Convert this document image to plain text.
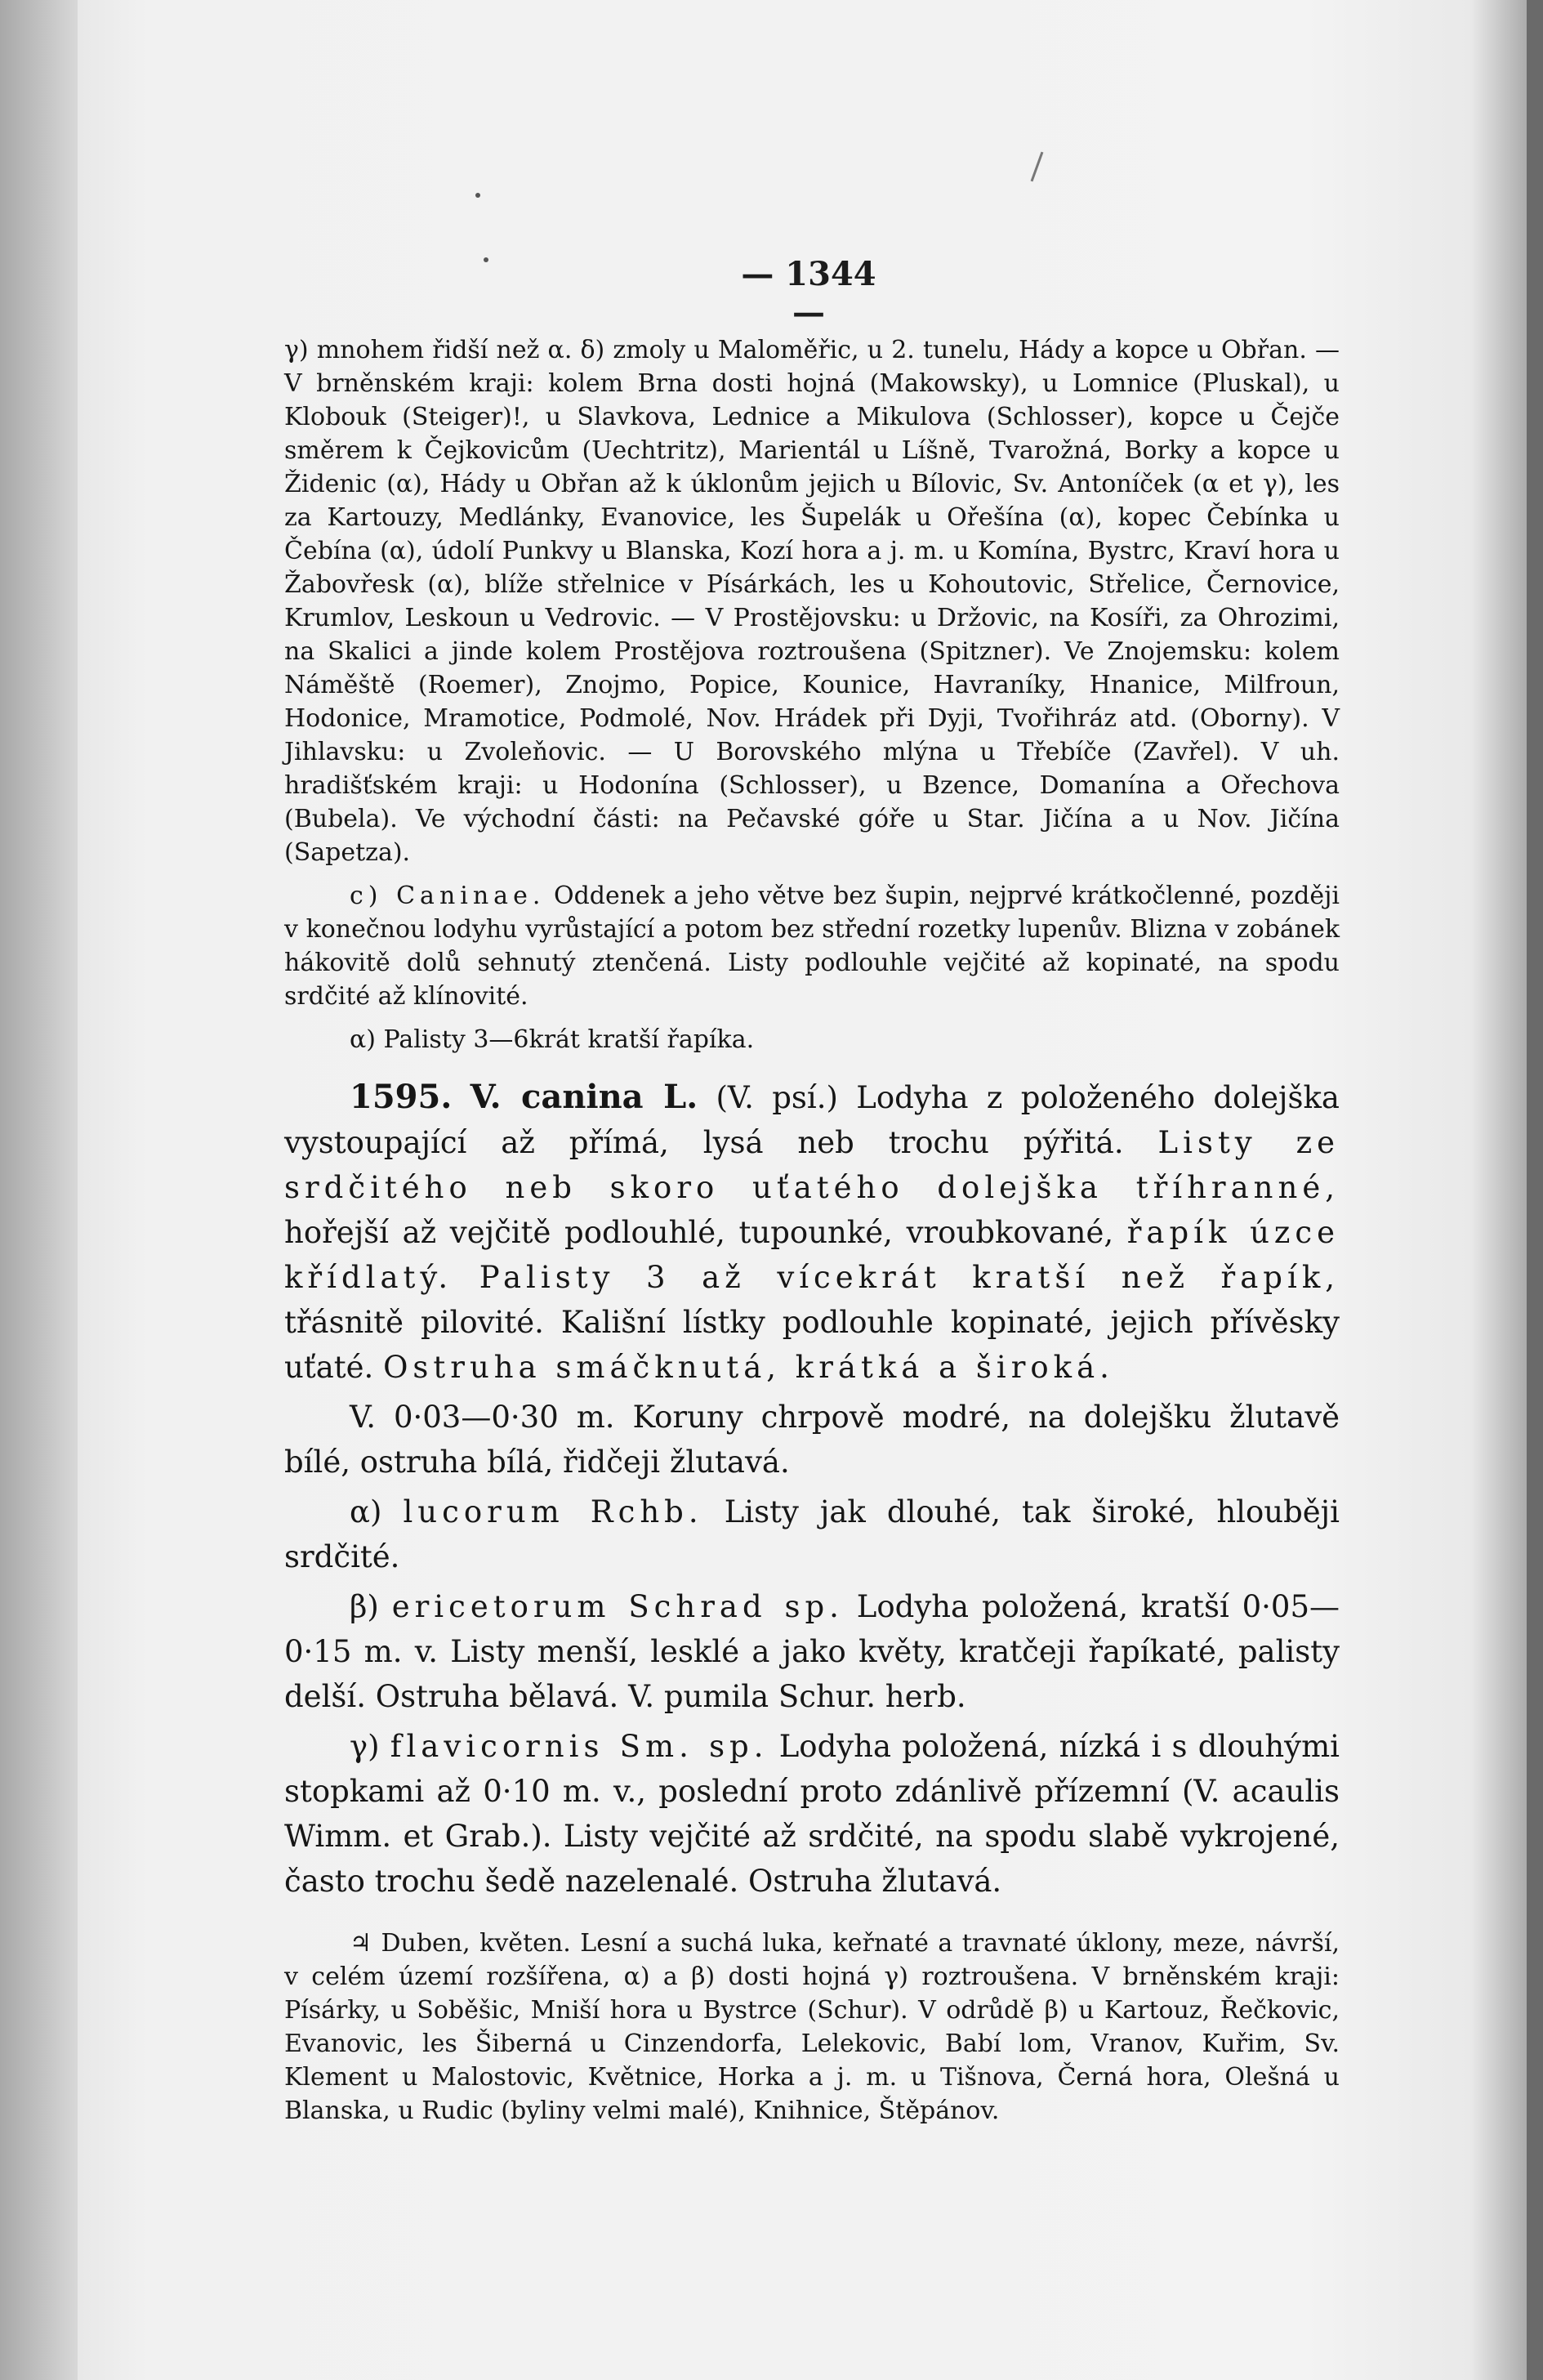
— 1344 —

γ) mnohem řidší než α. δ) zmoly u Maloměřic, u 2. tunelu, Hády a kopce u Obřan. — V brněnském kraji: kolem Brna dosti hojná (Makowsky), u Lomnice (Pluskal), u Klobouk (Steiger)!, u Slavkova, Lednice a Mikulova (Schlosser), kopce u Čejče směrem k Čejkovicům (Uechtritz), Marientál u Líšně, Tvarožná, Borky a kopce u Židenic (α), Hády u Obřan až k úklonům jejich u Bílovic, Sv. Antoníček (α et γ), les za Kartouzy, Medlánky, Evanovice, les Šupelák u Ořešína (α), kopec Čebínka u Čebína (α), údolí Punkvy u Blanska, Kozí hora a j. m. u Komína, Bystrc, Kraví hora u Žabovřesk (α), blíže střelnice v Písárkách, les u Kohoutovic, Střelice, Černovice, Krumlov, Leskoun u Vedrovic. — V Prostějovsku: u Držovic, na Kosíři, za Ohrozimi, na Skalici a jinde kolem Prostějova roztroušena (Spitzner). Ve Znojemsku: kolem Náměště (Roemer), Znojmo, Popice, Kounice, Havraníky, Hnanice, Milfroun, Hodonice, Mramotice, Podmolé, Nov. Hrádek při Dyji, Tvořihráz atd. (Oborny). V Jihlavsku: u Zvoleňovic. — U Borovského mlýna u Třebíče (Zavřel). V uh. hradišťském kraji: u Hodonína (Schlosser), u Bzence, Domanína a Ořechova (Bubela). Ve východní části: na Pečavské góře u Star. Jičína a u Nov. Jičína (Sapetza).

c) Caninae. Oddenek a jeho větve bez šupin, nejprvé krátkočlenné, později v konečnou lodyhu vyrůstající a potom bez střední rozetky lupenův. Blizna v zobánek hákovitě dolů sehnutý ztenčená. Listy podlouhle vejčité až kopinaté, na spodu srdčité až klínovité.

α) Palisty 3—6krát kratší řapíka.

1595. V. canina L. (V. psí.) Lodyha z položeného dolejška vystoupající až přímá, lysá neb trochu pýřitá. Listy ze srdčitého neb skoro uťatého dolejška tříhranné, hořejší až vejčitě podlouhlé, tupounké, vroubkované, řapík úzce křídlatý. Palisty 3 až vícekrát kratší než řapík, třásnitě pilovité. Kališní lístky podlouhle kopinaté, jejich přívěsky uťaté. Ostruha smáčknutá, krátká a široká.

V. 0·03—0·30 m. Koruny chrpově modré, na dolejšku žlutavě bílé, ostruha bílá, řidčeji žlutavá.

α) lucorum Rchb. Listy jak dlouhé, tak široké, hlouběji srdčité.

β) ericetorum Schrad sp. Lodyha položená, kratší 0·05—0·15 m. v. Listy menší, lesklé a jako květy, kratčeji řapíkaté, palisty delší. Ostruha bělavá. V. pumila Schur. herb.

γ) flavicornis Sm. sp. Lodyha položená, nízká i s dlouhými stopkami až 0·10 m. v., poslední proto zdánlivě přízemní (V. acaulis Wimm. et Grab.). Listy vejčité až srdčité, na spodu slabě vykrojené, často trochu šedě nazelenalé. Ostruha žlutavá.

♃ Duben, květen. Lesní a suchá luka, keřnaté a travnaté úklony, meze, návrší, v celém území rozšířena, α) a β) dosti hojná γ) roztroušena. V brněnském kraji: Písárky, u Soběšic, Mniší hora u Bystrce (Schur). V odrůdě β) u Kartouz, Řečkovic, Evanovic, les Šiberná u Cinzendorfa, Lelekovic, Babí lom, Vranov, Kuřim, Sv. Klement u Malostovic, Květnice, Horka a j. m. u Tišnova, Černá hora, Olešná u Blanska, u Rudic (byliny velmi malé), Knihnice, Štěpánov.
